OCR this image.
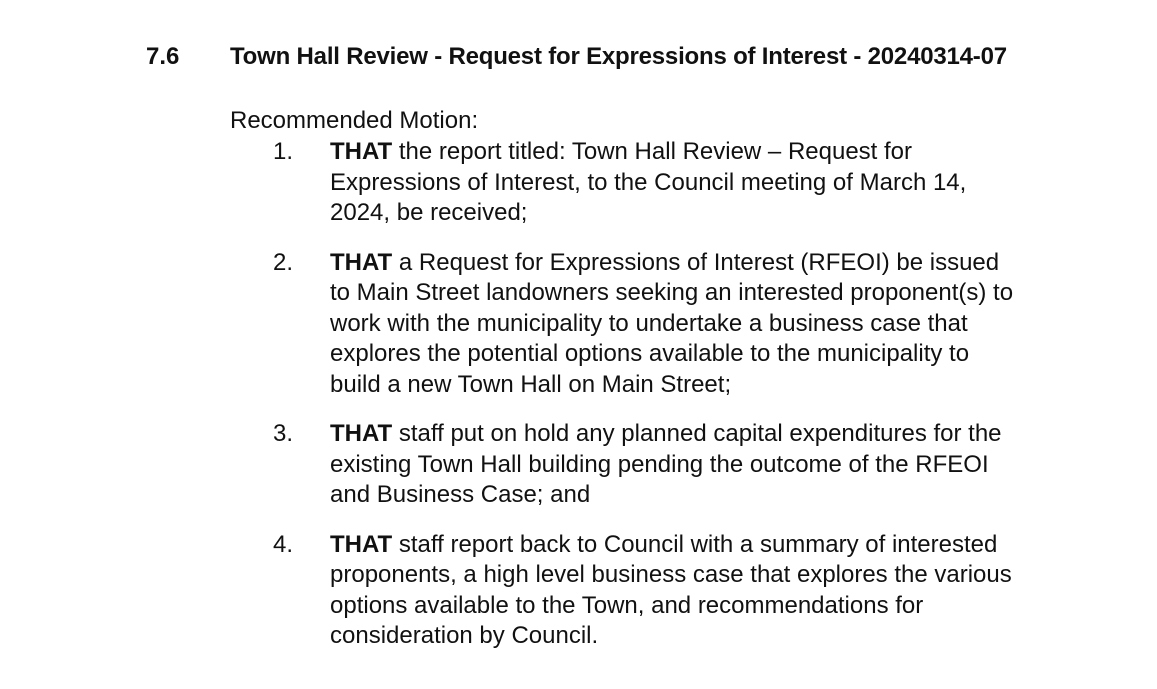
7.6 Town Hall Review - Request for Expressions of Interest - 20240314-07
Recommended Motion:
1. THAT the report titled: Town Hall Review – Request for
Expressions of Interest, to the Council meeting of March 14,
2024, be received;
2. THAT a Request for Expressions of Interest (RFEOI) be issued
to Main Street landowners seeking an interested proponent(s) to
work with the municipality to undertake a business case that
explores the potential options available to the municipality to
build a new Town Hall on Main Street;
3. THAT staff put on hold any planned capital expenditures for the
existing Town Hall building pending the outcome of the RFEOI
and Business Case; and
4. THAT staff report back to Council with a summary of interested
proponents, a high level business case that explores the various
options available to the Town, and recommendations for
consideration by Council.
